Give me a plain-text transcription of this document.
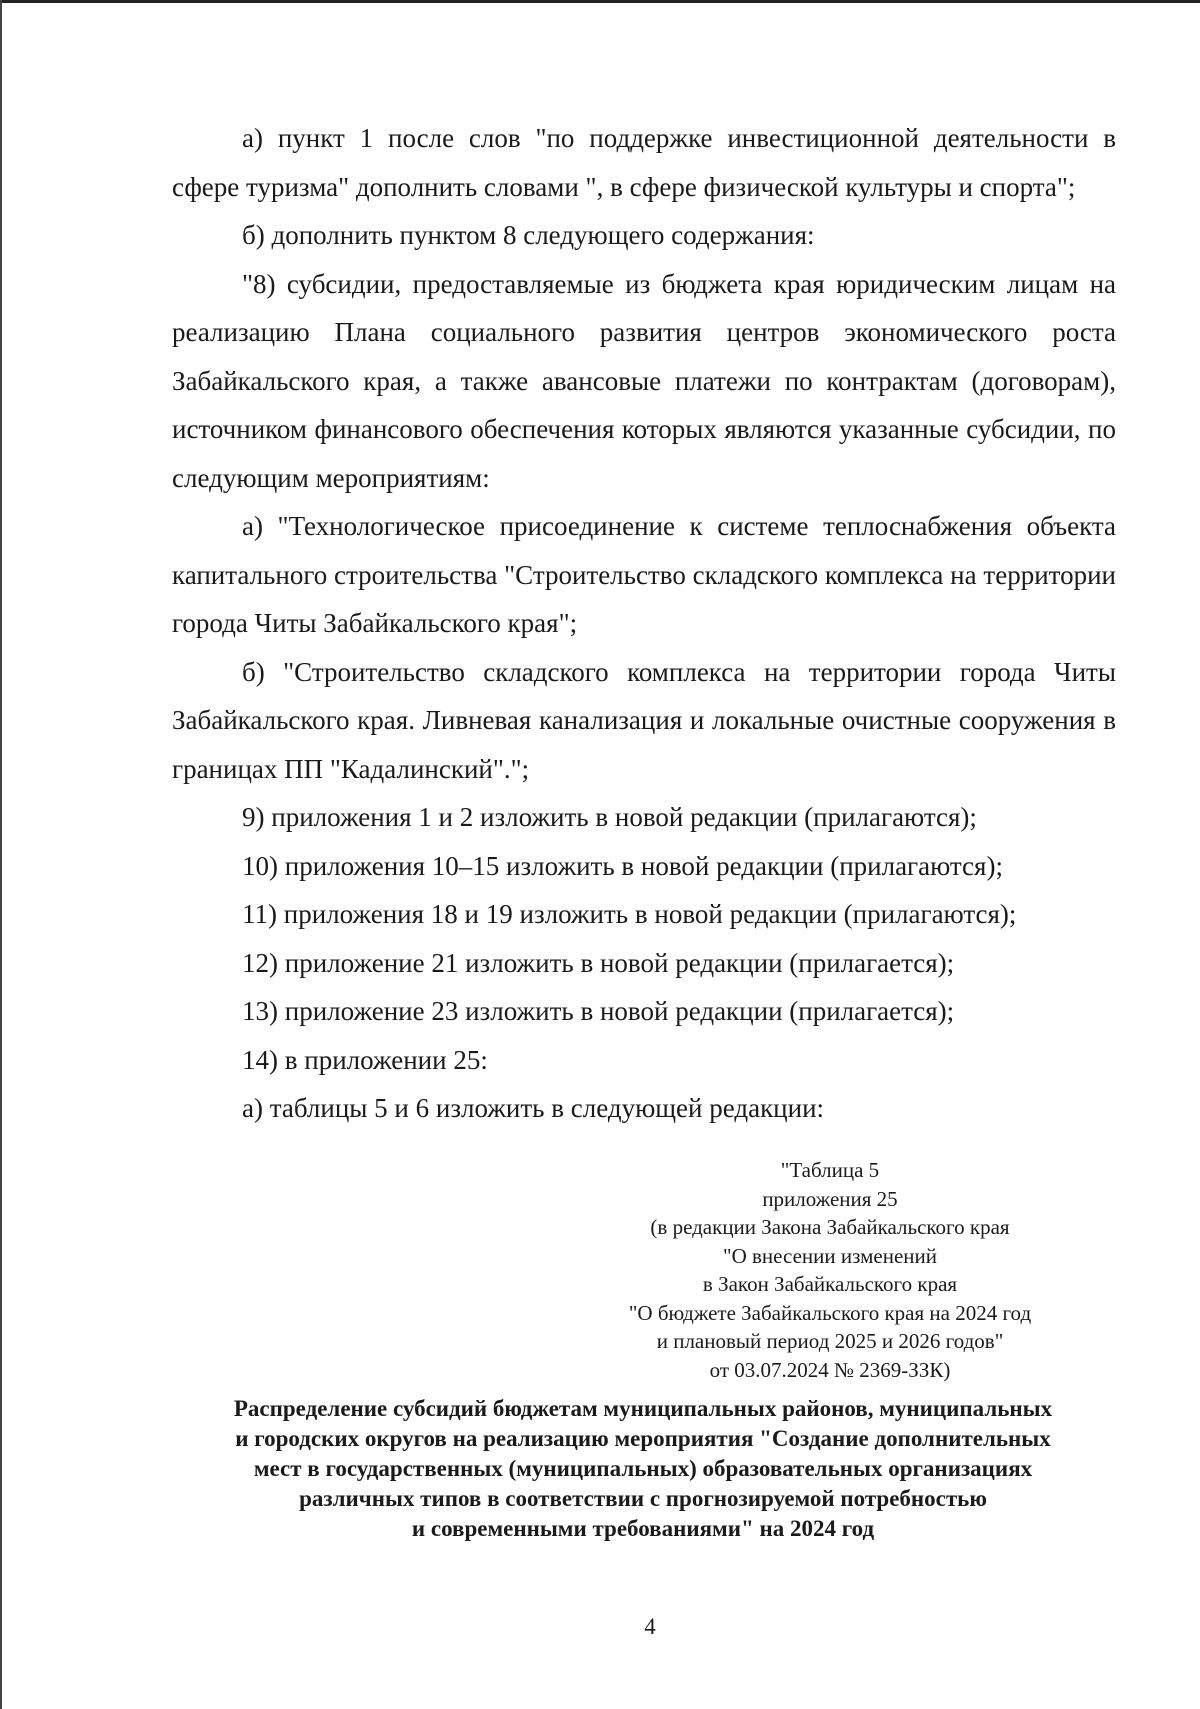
а) пункт 1 после слов "по поддержке инвестиционной деятельности в сфере туризма" дополнить словами ", в сфере физической культуры и спорта";

б) дополнить пунктом 8 следующего содержания:

"8) субсидии, предоставляемые из бюджета края юридическим лицам на реализацию Плана социального развития центров экономического роста Забайкальского края, а также авансовые платежи по контрактам (договорам), источником финансового обеспечения которых являются указанные субсидии, по следующим мероприятиям:

а) "Технологическое присоединение к системе теплоснабжения объекта капитального строительства "Строительство складского комплекса на территории города Читы Забайкальского края";

б) "Строительство складского комплекса на территории города Читы Забайкальского края. Ливневая канализация и локальные очистные сооружения в границах ПП "Кадалинский".";

9) приложения 1 и 2 изложить в новой редакции (прилагаются);

10) приложения 10–15 изложить в новой редакции (прилагаются);

11) приложения 18 и 19 изложить в новой редакции (прилагаются);

12) приложение 21 изложить в новой редакции (прилагается);

13) приложение 23 изложить в новой редакции (прилагается);

14) в приложении 25:

а) таблицы 5 и 6 изложить в следующей редакции:

"Таблица 5
приложения 25
(в редакции Закона Забайкальского края
"О внесении изменений
в Закон Забайкальского края
"О бюджете Забайкальского края на 2024 год
и плановый период 2025 и 2026 годов"
от 03.07.2024 № 2369-ЗЗК)
Распределение субсидий бюджетам муниципальных районов, муниципальных
и городских округов на реализацию мероприятия "Создание дополнительных
мест в государственных (муниципальных) образовательных организациях
различных типов в соответствии с прогнозируемой потребностью
и современными требованиями" на 2024 год
4
